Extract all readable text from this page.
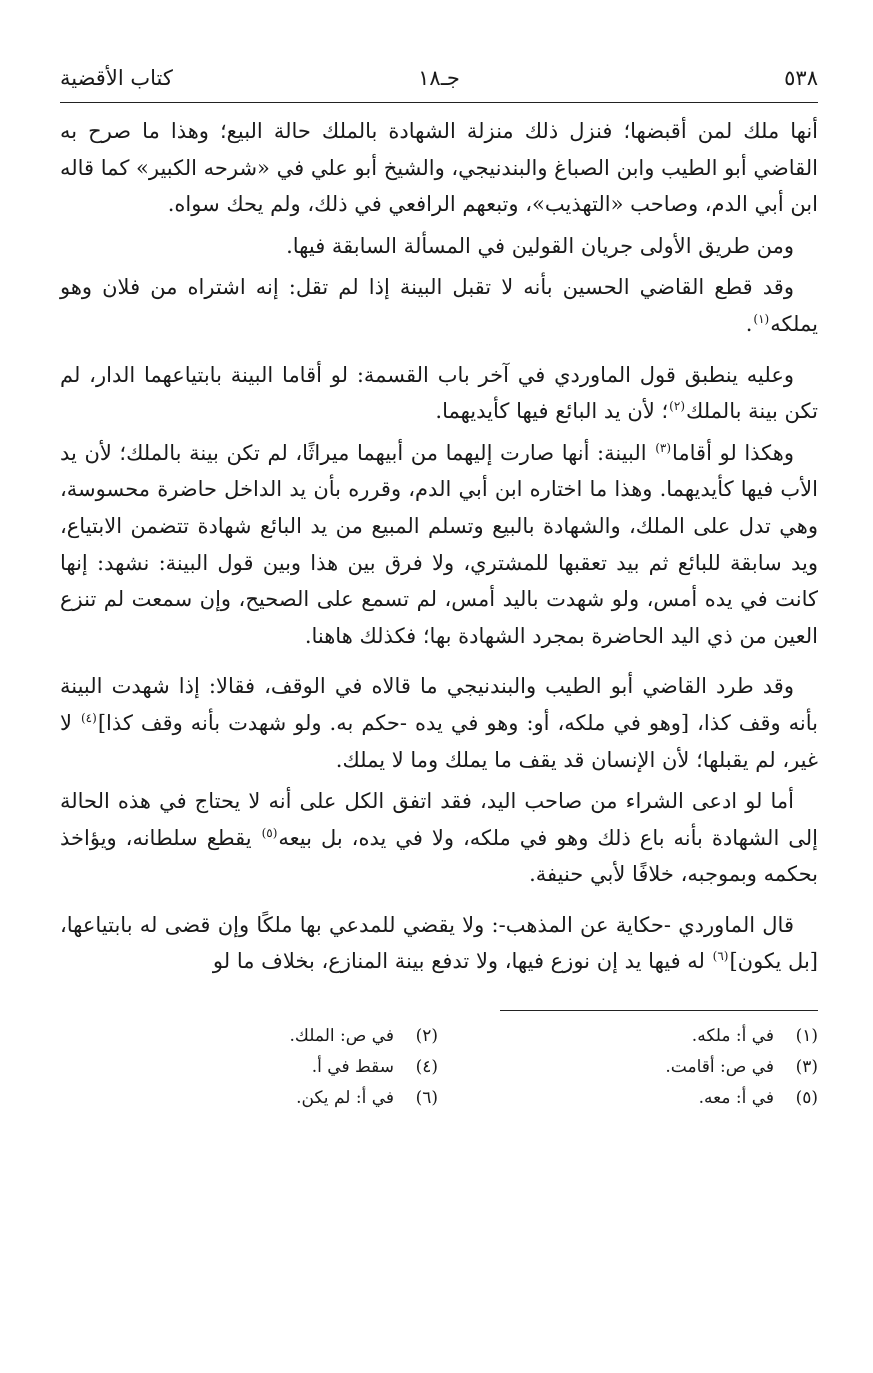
٥٣٨
جـ١٨
كتاب الأقضية

أنها ملك لمن أقبضها؛ فنزل ذلك منزلة الشهادة بالملك حالة البيع؛ وهذا ما صرح به القاضي أبو الطيب وابن الصباغ والبندنيجي، والشيخ أبو علي في «شرحه الكبير» كما قاله ابن أبي الدم، وصاحب «التهذيب»، وتبعهم الرافعي في ذلك، ولم يحك سواه.

ومن طريق الأولى جريان القولين في المسألة السابقة فيها.

وقد قطع القاضي الحسين بأنه لا تقبل البينة إذا لم تقل: إنه اشتراه من فلان وهو يملكه$^{(١)}$.

وعليه ينطبق قول الماوردي في آخر باب القسمة: لو أقاما البينة بابتياعهما الدار، لم تكن بينة بالملك$^{(٢)}$؛ لأن يد البائع فيها كأيديهما.

وهكذا لو أقاما$^{(٣)}$ البينة: أنها صارت إليهما من أبيهما ميراثًا، لم تكن بينة بالملك؛ لأن يد الأب فيها كأيديهما. وهذا ما اختاره ابن أبي الدم، وقرره بأن يد الداخل حاضرة محسوسة، وهي تدل على الملك، والشهادة بالبيع وتسلم المبيع من يد البائع شهادة تتضمن الابتياع، ويد سابقة للبائع ثم بيد تعقبها للمشتري، ولا فرق بين هذا وبين قول البينة: نشهد: إنها كانت في يده أمس، ولو شهدت باليد أمس، لم تسمع على الصحيح، وإن سمعت لم تنزع العين من ذي اليد الحاضرة بمجرد الشهادة بها؛ فكذلك هاهنا.

وقد طرد القاضي أبو الطيب والبندنيجي ما قالاه في الوقف، فقالا: إذا شهدت البينة بأنه وقف كذا، [وهو في ملكه، أو: وهو في يده -حكم به. ولو شهدت بأنه وقف كذا]$^{(٤)}$ لا غير، لم يقبلها؛ لأن الإنسان قد يقف ما يملك وما لا يملك.

أما لو ادعى الشراء من صاحب اليد، فقد اتفق الكل على أنه لا يحتاج في هذه الحالة إلى الشهادة بأنه باع ذلك وهو في ملكه، ولا في يده، بل بيعه$^{(٥)}$ يقطع سلطانه، ويؤاخذ بحكمه وبموجبه، خلافًا لأبي حنيفة.

قال الماوردي -حكاية عن المذهب-: ولا يقضي للمدعي بها ملكًا وإن قضى له بابتياعها، [بل يكون]$^{(٦)}$ له فيها يد إن نوزع فيها، ولا تدفع بينة المنازع، بخلاف ما لو

(١)في أ: ملكه.
(٢)في ص: الملك.
(٣)في ص: أقامت.
(٤)سقط في أ.
(٥)في أ: معه.
(٦)في أ: لم يكن.
